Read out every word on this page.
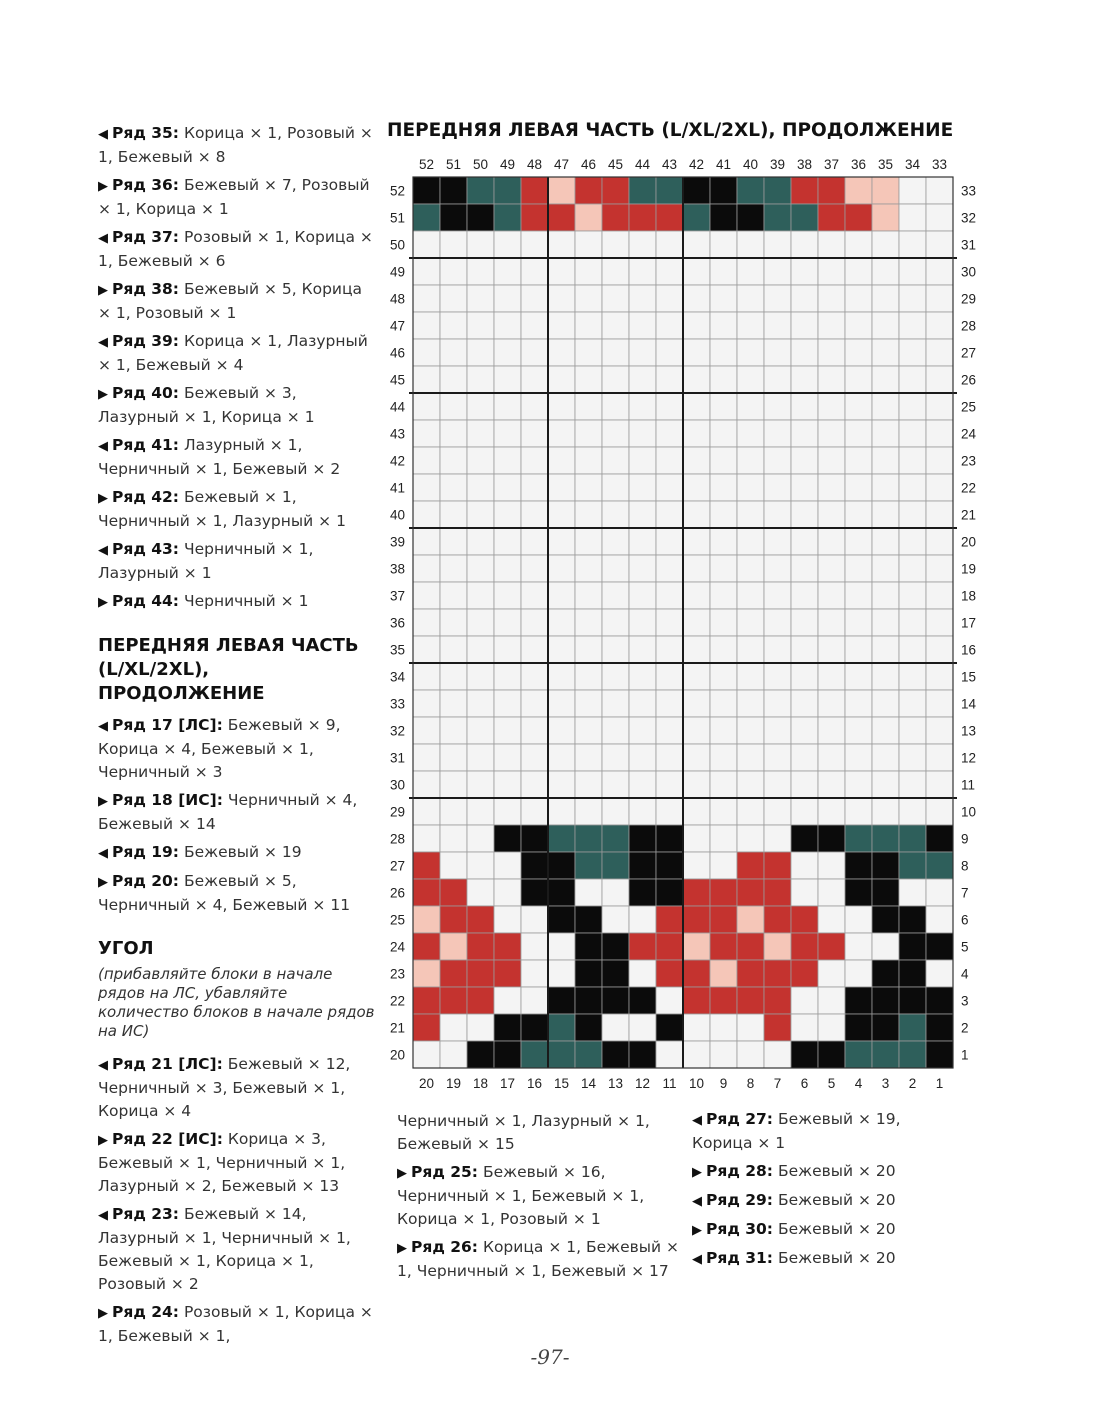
◀ Ряд 35: Корица × 1, Розовый × 1, Бежевый × 8
▶ Ряд 36: Бежевый × 7, Розовый × 1, Корица × 1
◀ Ряд 37: Розовый × 1, Корица × 1, Бежевый × 6
▶ Ряд 38: Бежевый × 5, Корица × 1, Розовый × 1
◀ Ряд 39: Корица × 1, Лазурный × 1, Бежевый × 4
▶ Ряд 40: Бежевый × 3, Лазурный × 1, Корица × 1
◀ Ряд 41: Лазурный × 1, Черничный × 1, Бежевый × 2
▶ Ряд 42: Бежевый × 1, Черничный × 1, Лазурный × 1
◀ Ряд 43: Черничный × 1, Лазурный × 1
▶ Ряд 44: Черничный × 1
ПЕРЕДНЯЯ ЛЕВАЯ ЧАСТЬ (L/XL/2XL), ПРОДОЛЖЕНИЕ
◀ Ряд 17 [ЛС]: Бежевый × 9, Корица × 4, Бежевый × 1, Черничный × 3
▶ Ряд 18 [ИС]: Черничный × 4, Бежевый × 14
◀ Ряд 19: Бежевый × 19
▶ Ряд 20: Бежевый × 5, Черничный × 4, Бежевый × 11
УГОЛ
(прибавляйте блоки в начале рядов на ЛС, убавляйте количество блоков в начале рядов на ИС)
◀ Ряд 21 [ЛС]: Бежевый × 12, Черничный × 3, Бежевый × 1, Корица × 4
▶ Ряд 22 [ИС]: Корица × 3, Бежевый × 1, Черничный × 1, Лазурный × 2, Бежевый × 13
◀ Ряд 23: Бежевый × 14, Лазурный × 1, Черничный × 1, Бежевый × 1, Корица × 1, Розовый × 2
▶ Ряд 24: Розовый × 1, Корица × 1, Бежевый × 1,
ПЕРЕДНЯЯ ЛЕВАЯ ЧАСТЬ (L/XL/2XL), ПРОДОЛЖЕНИЕ
52 51 50 49 48 47 46 45 44 43 42 41 40 39 38 37 36 35 34 33
20 19 18 17 16 15 14 13 12 11 10 9 8 7 6 5 4 3 2 1
52
51
50
49
48
47
46
45
44
43
42
41
40
39
38
37
36
35
34
33
32
31
30
29
28
27
26
25
24
23
22
21
20
33
32
31
30
29
28
27
26
25
24
23
22
21
20
19
18
17
16
15
14
13
12
11
10
9
8
7
6
5
4
3
2
1
Черничный × 1, Лазурный × 1, Бежевый × 15
▶ Ряд 25: Бежевый × 16, Черничный × 1, Бежевый × 1, Корица × 1, Розовый × 1
▶ Ряд 26: Корица × 1, Бежевый × 1, Черничный × 1, Бежевый × 17
◀ Ряд 27: Бежевый × 19, Корица × 1
▶ Ряд 28: Бежевый × 20
◀ Ряд 29: Бежевый × 20
▶ Ряд 30: Бежевый × 20
◀ Ряд 31: Бежевый × 20
-97-
